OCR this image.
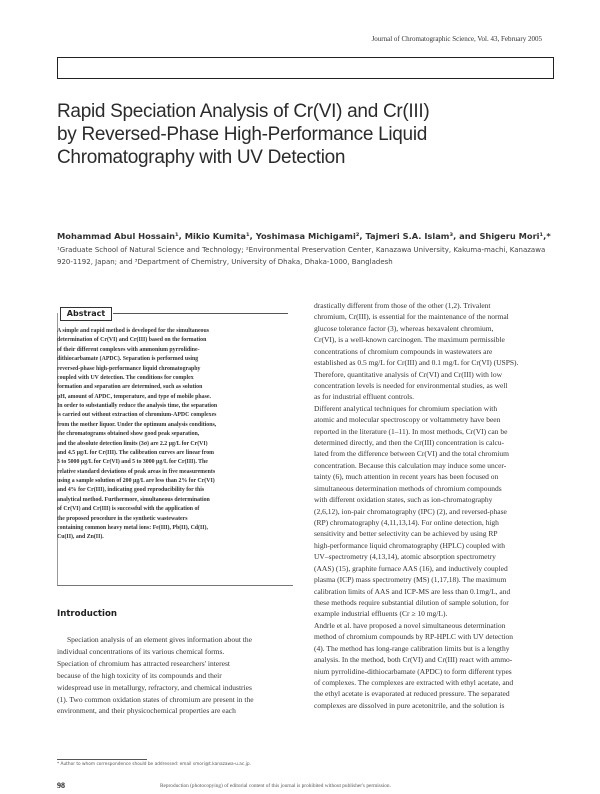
Journal of Chromatographic Science, Vol. 43, February 2005
Rapid Speciation Analysis of Cr(VI) and Cr(III)
by Reversed-Phase High-Performance Liquid
Chromatography with UV Detection
Mohammad Abul Hossain¹, Mikio Kumita¹, Yoshimasa Michigami², Tajmeri S.A. Islam³, and Shigeru Mori¹,*
¹Graduate School of Natural Science and Technology; ²Environmental Preservation Center, Kanazawa University, Kakuma-machi, Kanazawa
920-1192, Japan; and ³Department of Chemistry, University of Dhaka, Dhaka-1000, Bangladesh
Abstract
A simple and rapid method is developed for the simultaneous
determination of Cr(VI) and Cr(III) based on the formation
of their different complexes with ammonium pyrrolidine-
dithiocarbamate (APDC). Separation is performed using
reversed-phase high-performance liquid chromatography
coupled with UV detection. The conditions for complex
formation and separation are determined, such as solution
pH, amount of APDC, temperature, and type of mobile phase.
In order to substantially reduce the analysis time, the separation
is carried out without extraction of chromium-APDC complexes
from the mother liquor. Under the optimum analysis conditions,
the chromatograms obtained show good peak separation,
and the absolute detection limits (3σ) are 2.2 µg/L for Cr(VI)
and 4.5 µg/L for Cr(III). The calibration curves are linear from
3 to 5000 µg/L for Cr(VI) and 5 to 3000 µg/L for Cr(III). The
relative standard deviations of peak areas in five measurements
using a sample solution of 200 µg/L are less than 2% for Cr(VI)
and 4% for Cr(III), indicating good reproducibility for this
analytical method. Furthermore, simultaneous determination
of Cr(VI) and Cr(III) is successful with the application of
the proposed procedure in the synthetic wastewaters
containing common heavy metal ions: Fe(III), Pb(II), Cd(II),
Cu(II), and Zn(II).
Introduction
Speciation analysis of an element gives information about the
individual concentrations of its various chemical forms.
Speciation of chromium has attracted researchers' interest
because of the high toxicity of its compounds and their
widespread use in metallurgy, refractory, and chemical industries
(1). Two common oxidation states of chromium are present in the
environment, and their physicochemical properties are each
drastically different from those of the other (1,2). Trivalent
chromium, Cr(III), is essential for the maintenance of the normal
glucose tolerance factor (3), whereas hexavalent chromium,
Cr(VI), is a well-known carcinogen. The maximum permissible
concentrations of chromium compounds in wastewaters are
established as 0.5 mg/L for Cr(III) and 0.1 mg/L for Cr(VI) (USPS).
Therefore, quantitative analysis of Cr(VI) and Cr(III) with low
concentration levels is needed for environmental studies, as well
as for industrial effluent controls.
Different analytical techniques for chromium speciation with
atomic and molecular spectroscopy or voltammetry have been
reported in the literature (1–11). In most methods, Cr(VI) can be
determined directly, and then the Cr(III) concentration is calcu-
lated from the difference between Cr(VI) and the total chromium
concentration. Because this calculation may induce some uncer-
tainty (6), much attention in recent years has been focused on
simultaneous determination methods of chromium compounds
with different oxidation states, such as ion-chromatography
(2,6,12), ion-pair chromatography (IPC) (2), and reversed-phase
(RP) chromatography (4,11,13,14). For online detection, high
sensitivity and better selectivity can be achieved by using RP
high-performance liquid chromatography (HPLC) coupled with
UV–spectrometry (4,13,14), atomic absorption spectrometry
(AAS) (15), graphite furnace AAS (16), and inductively coupled
plasma (ICP) mass spectrometry (MS) (1,17,18). The maximum
calibration limits of AAS and ICP-MS are less than 0.1mg/L, and
these methods require substantial dilution of sample solution, for
example industrial effluents (Cr ≥ 10 mg/L).
Andrle et al. have proposed a novel simultaneous determination
method of chromium compounds by RP-HPLC with UV detection
(4). The method has long-range calibration limits but is a lengthy
analysis. In the method, both Cr(VI) and Cr(III) react with ammo-
nium pyrrolidine-dithiocarbamate (APDC) to form different types
of complexes. The complexes are extracted with ethyl acetate, and
the ethyl acetate is evaporated at reduced pressure. The separated
complexes are dissolved in pure acetonitrile, and the solution is
* Author to whom correspondence should be addressed: email smori@t.kanazawa-u.ac.jp.
98	Reproduction (photocopying) of editorial content of this journal is prohibited without publisher's permission.
